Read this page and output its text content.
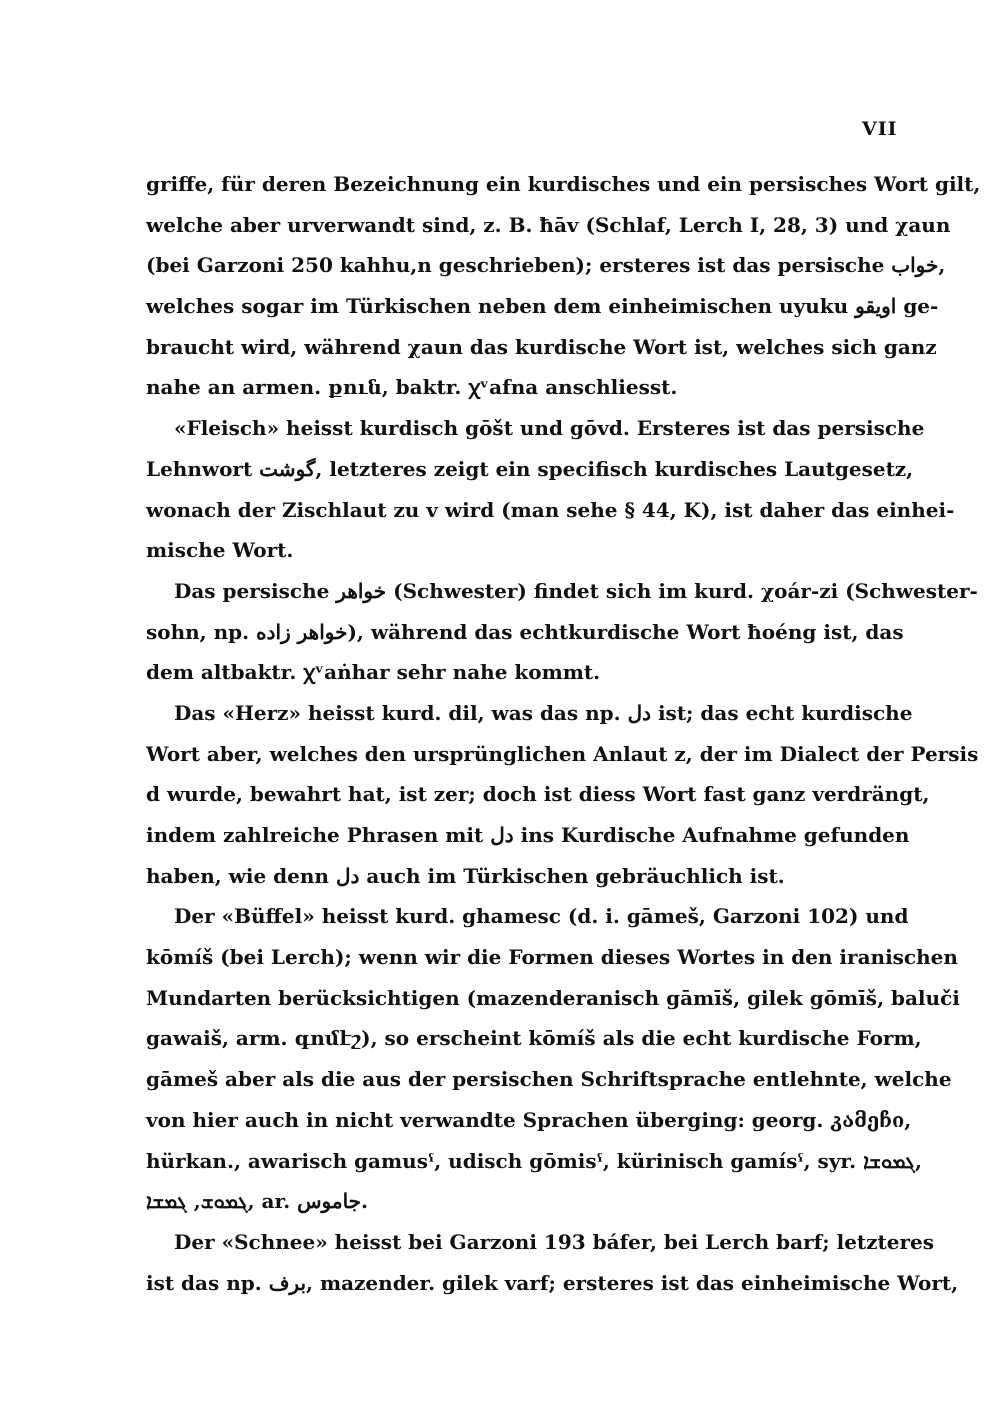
VII
griffe, für deren Bezeichnung ein kurdisches und ein persisches Wort gilt,
welche aber urverwandt sind, z. B. ħāv (Schlaf, Lerch I, 28, 3) und χaun
(bei Garzoni 250 kahhu,n geschrieben); ersteres ist das persische خواب,
welches sogar im Türkischen neben dem einheimischen uyuku اويقو ge-
braucht wird, während χaun das kurdische Wort ist, welches sich ganz
nahe an armen. քուն, baktr. ꭓᵛafna anschliesst.
«Fleisch» heisst kurdisch gōšt und gōvd. Ersteres ist das persische
Lehnwort گوشت, letzteres zeigt ein specifisch kurdisches Lautgesetz,
wonach der Zischlaut zu v wird (man sehe § 44, K), ist daher das einhei-
mische Wort.
Das persische خواهر (Schwester) findet sich im kurd. χoár-zi (Schwester-
sohn, np. خواهر زاده), während das echtkurdische Wort ħoéng ist, das
dem altbaktr. ꭓᵛaṅhar sehr nahe kommt.
Das «Herz» heisst kurd. dil, was das np. دل ist; das echt kurdische
Wort aber, welches den ursprünglichen Anlaut z, der im Dialect der Persis
d wurde, bewahrt hat, ist zer; doch ist diess Wort fast ganz verdrängt,
indem zahlreiche Phrasen mit دل ins Kurdische Aufnahme gefunden
haben, wie denn دل auch im Türkischen gebräuchlich ist.
Der «Büffel» heisst kurd. ghamesc (d. i. gāmeš, Garzoni 102) und
kōmíš (bei Lerch); wenn wir die Formen dieses Wortes in den iranischen
Mundarten berücksichtigen (mazenderanisch gāmīš, gilek gōmīš, baluči
gawaiš, arm. գոմէշ), so erscheint kōmíš als die echt kurdische Form,
gāmeš aber als die aus der persischen Schriftsprache entlehnte, welche
von hier auch in nicht verwandte Sprachen überging: georg. კამეჩი,
hürkan., awarisch gamusˁ, udisch gōmisˁ, kürinisch gamísˁ, syr. ܓܡܘܫܐ,
ܓܡܘܫ, ܓܡܫܐ, ar. جاموس.
Der «Schnee» heisst bei Garzoni 193 báfer, bei Lerch barf; letzteres
ist das np. برف, mazender. gilek varf; ersteres ist das einheimische Wort,
